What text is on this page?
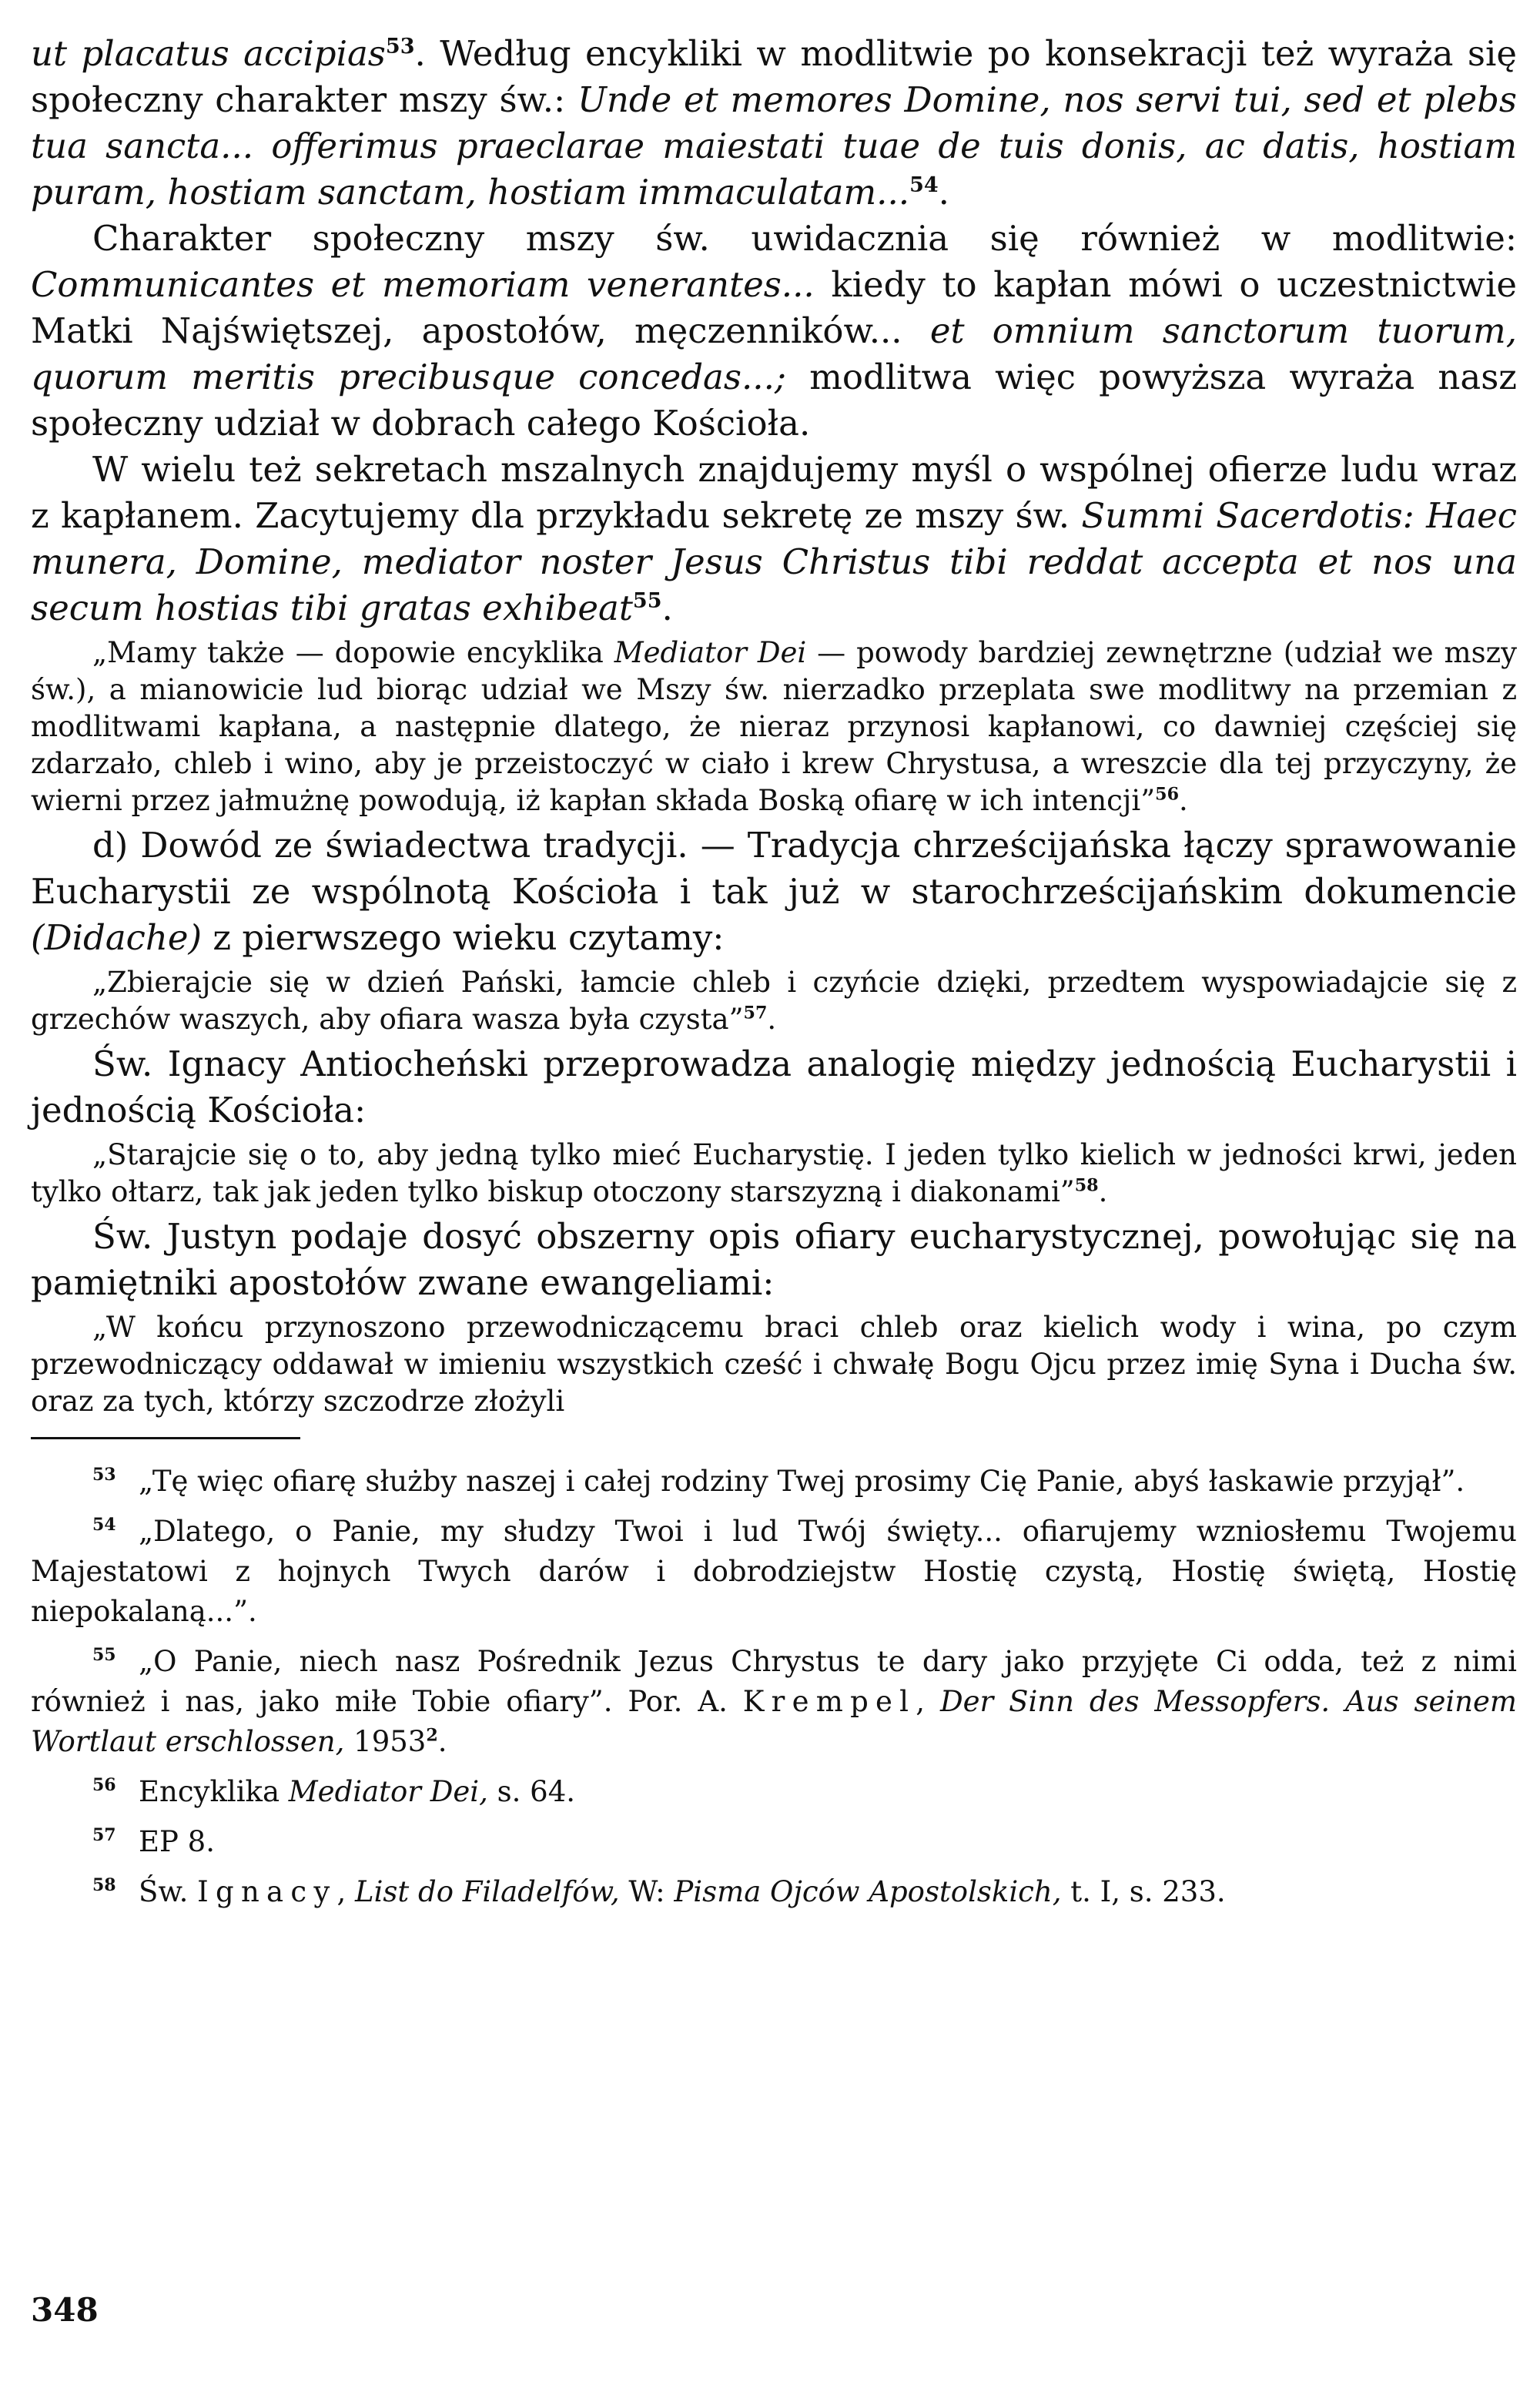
ut placatus accipias$^{53}$. Według encykliki w modlitwie po konsekracji też wyraża się społeczny charakter mszy św.: Unde et memores Domine, nos servi tui, sed et plebs tua sancta... offerimus praeclarae maiestati tuae de tuis donis, ac datis, hostiam puram, hostiam sanctam, hostiam immaculatam...$^{54}$.

Charakter społeczny mszy św. uwidacznia się również w modlitwie: Communicantes et memoriam venerantes... kiedy to kapłan mówi o uczestnictwie Matki Najświętszej, apostołów, męczenników... et omnium sanctorum tuorum, quorum meritis precibusque concedas...; modlitwa więc powyższa wyraża nasz społeczny udział w dobrach całego Kościoła.

W wielu też sekretach mszalnych znajdujemy myśl o wspólnej ofierze ludu wraz z kapłanem. Zacytujemy dla przykładu sekretę ze mszy św. Summi Sacerdotis: Haec munera, Domine, mediator noster Jesus Christus tibi reddat accepta et nos una secum hostias tibi gratas exhibeat$^{55}$.

„Mamy także — dopowie encyklika Mediator Dei — powody bardziej zewnętrzne (udział we mszy św.), a mianowicie lud biorąc udział we Mszy św. nierzadko przeplata swe modlitwy na przemian z modlitwami kapłana, a następnie dlatego, że nieraz przynosi kapłanowi, co dawniej częściej się zdarzało, chleb i wino, aby je przeistoczyć w ciało i krew Chrystusa, a wreszcie dla tej przyczyny, że wierni przez jałmużnę powodują, iż kapłan składa Boską ofiarę w ich intencji”$^{56}$.

d) Dowód ze świadectwa tradycji. — Tradycja chrześcijańska łączy sprawowanie Eucharystii ze wspólnotą Kościoła i tak już w starochrześcijańskim dokumencie (Didache) z pierwszego wieku czytamy:

„Zbierajcie się w dzień Pański, łamcie chleb i czyńcie dzięki, przedtem wyspowiadajcie się z grzechów waszych, aby ofiara wasza była czysta”$^{57}$.

Św. Ignacy Antiocheński przeprowadza analogię między jednością Eucharystii i jednością Kościoła:

„Starajcie się o to, aby jedną tylko mieć Eucharystię. I jeden tylko kielich w jedności krwi, jeden tylko ołtarz, tak jak jeden tylko biskup otoczony starszyzną i diakonami”$^{58}$.

Św. Justyn podaje dosyć obszerny opis ofiary eucharystycznej, powołując się na pamiętniki apostołów zwane ewangeliami:

„W końcu przynoszono przewodniczącemu braci chleb oraz kielich wody i wina, po czym przewodniczący oddawał w imieniu wszystkich cześć i chwałę Bogu Ojcu przez imię Syna i Ducha św. oraz za tych, którzy szczodrze złożyli

53 „Tę więc ofiarę służby naszej i całej rodziny Twej prosimy Cię Panie, abyś łaskawie przyjął”.

54 „Dlatego, o Panie, my słudzy Twoi i lud Twój święty... ofiarujemy wzniosłemu Twojemu Majestatowi z hojnych Twych darów i dobrodziejstw Hostię czystą, Hostię świętą, Hostię niepokalaną...”.

55 „O Panie, niech nasz Pośrednik Jezus Chrystus te dary jako przyjęte Ci odda, też z nimi również i nas, jako miłe Tobie ofiary”. Por. A. Krempel, Der Sinn des Messopfers. Aus seinem Wortlaut erschlossen, 1953$^2$.

56 Encyklika Mediator Dei, s. 64.

57 EP 8.

58 Św. Ignacy, List do Filadelfów, W: Pisma Ojców Apostolskich, t. I, s. 233.

348
